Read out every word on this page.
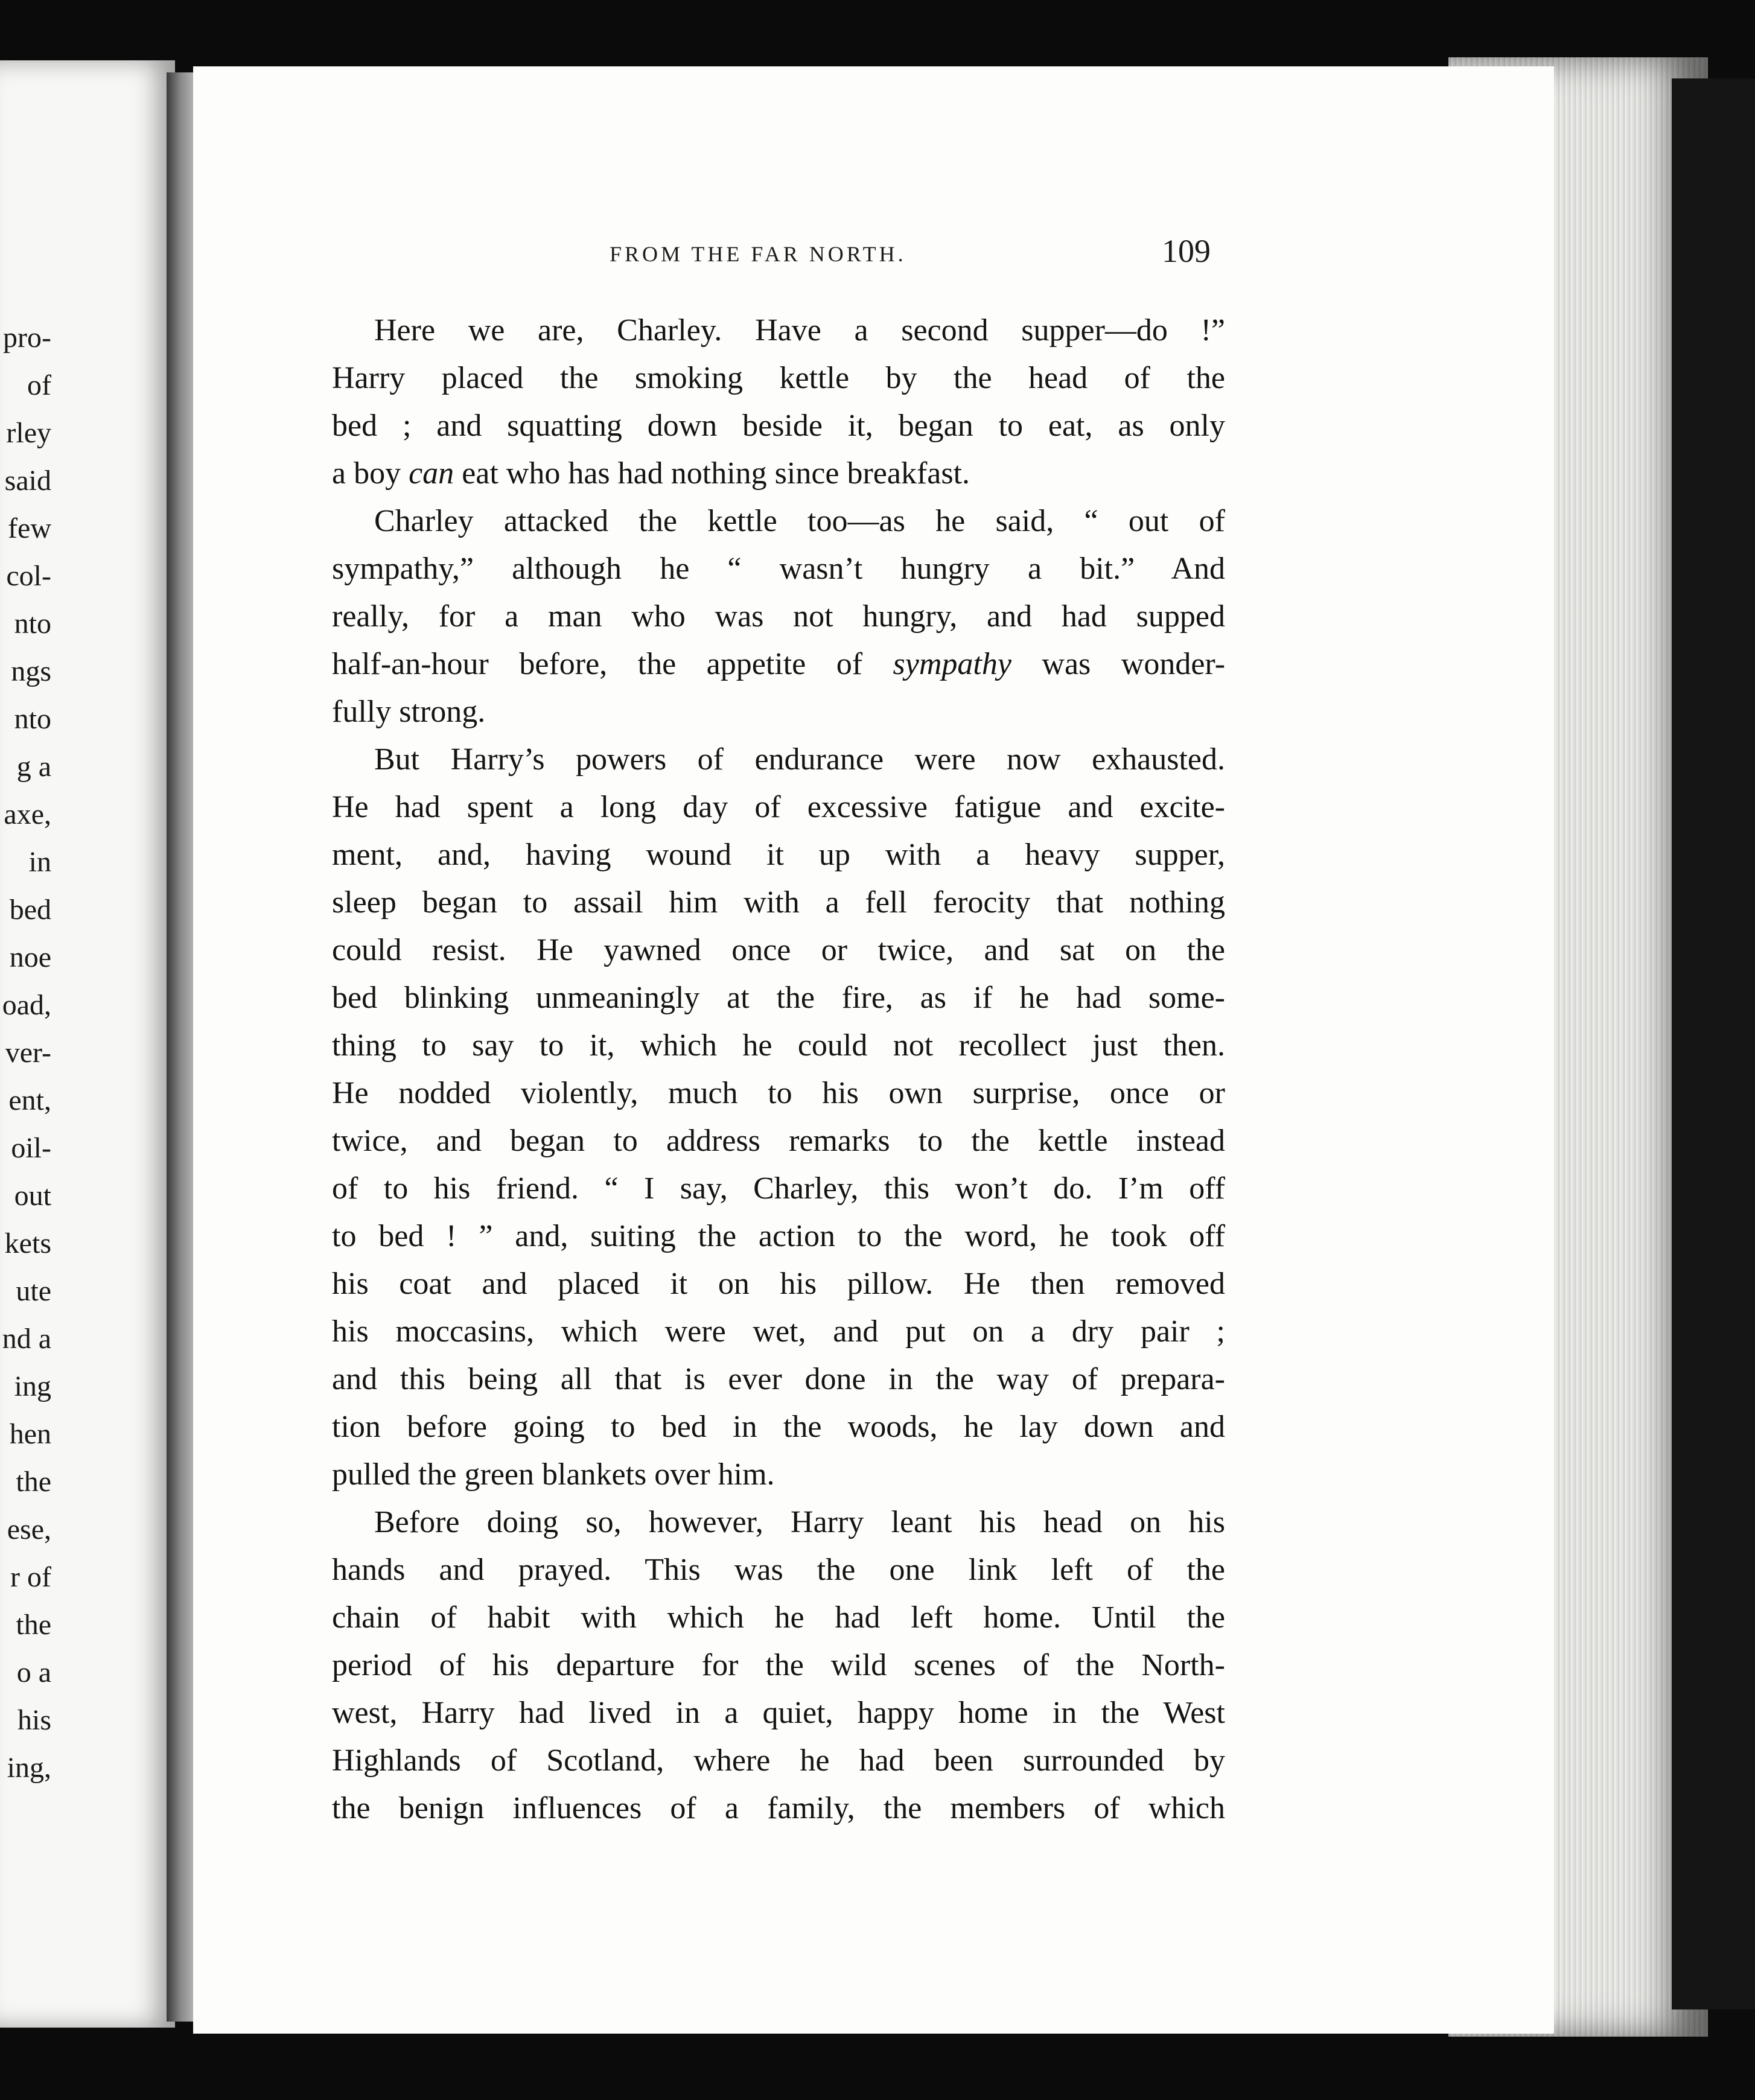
pro-
of
rley
said
few
col-
nto
ngs
nto
g a
axe,
in
bed
noe
oad,
ver-
ent,
oil-
out
kets
ute
nd a
ing
hen
the
ese,
r of
the
o a
his
ing,
FROM THE FAR NORTH.	109
Here we are, Charley. Have a second supper—do !”
Harry placed the smoking kettle by the head of the
bed ; and squatting down beside it, began to eat, as only
a boy can eat who has had nothing since breakfast.
Charley attacked the kettle too—as he said, “ out of
sympathy,” although he “ wasn’t hungry a bit.” And
really, for a man who was not hungry, and had supped
half-an-hour before, the appetite of sympathy was wonder-
fully strong.
But Harry’s powers of endurance were now exhausted.
He had spent a long day of excessive fatigue and excite-
ment, and, having wound it up with a heavy supper,
sleep began to assail him with a fell ferocity that nothing
could resist. He yawned once or twice, and sat on the
bed blinking unmeaningly at the fire, as if he had some-
thing to say to it, which he could not recollect just then.
He nodded violently, much to his own surprise, once or
twice, and began to address remarks to the kettle instead
of to his friend. “ I say, Charley, this won’t do. I’m off
to bed ! ” and, suiting the action to the word, he took off
his coat and placed it on his pillow. He then removed
his moccasins, which were wet, and put on a dry pair ;
and this being all that is ever done in the way of prepara-
tion before going to bed in the woods, he lay down and
pulled the green blankets over him.
Before doing so, however, Harry leant his head on his
hands and prayed. This was the one link left of the
chain of habit with which he had left home. Until the
period of his departure for the wild scenes of the North-
west, Harry had lived in a quiet, happy home in the West
Highlands of Scotland, where he had been surrounded by
the benign influences of a family, the members of which
